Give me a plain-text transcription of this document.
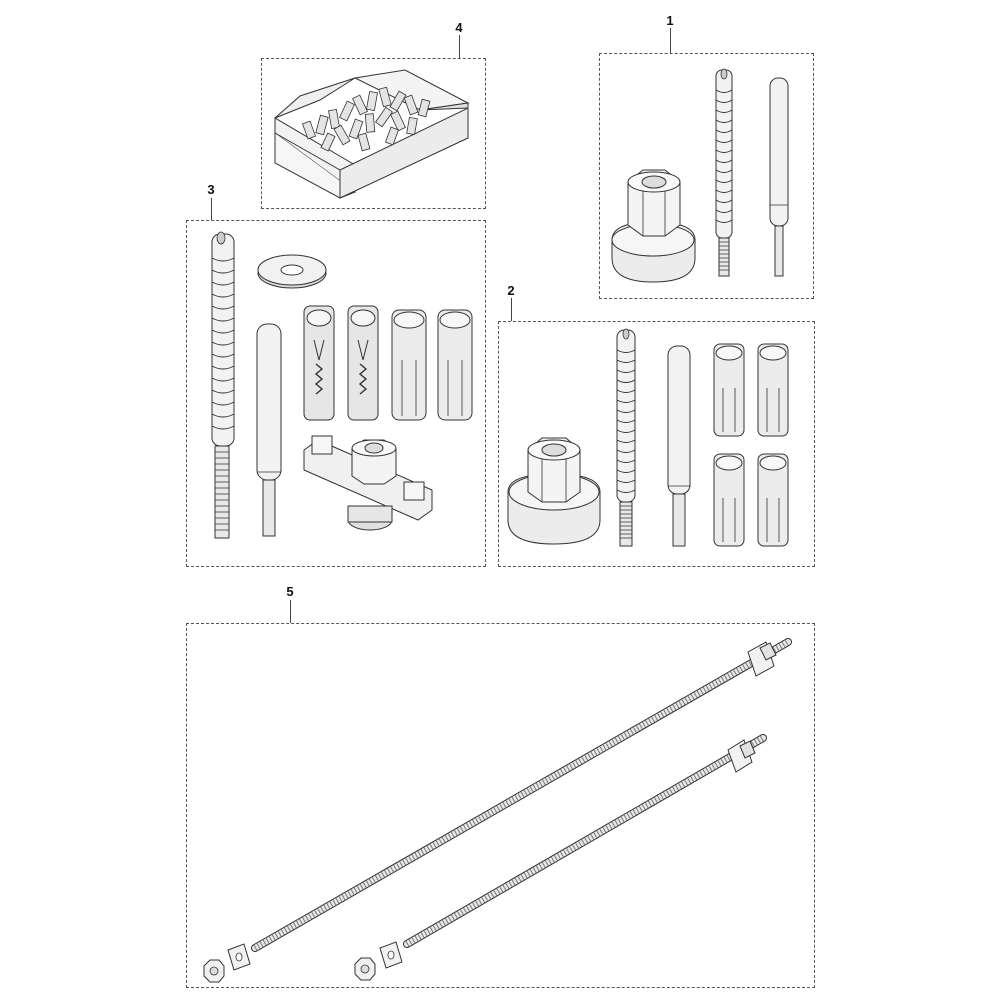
1
4
3
2
5
